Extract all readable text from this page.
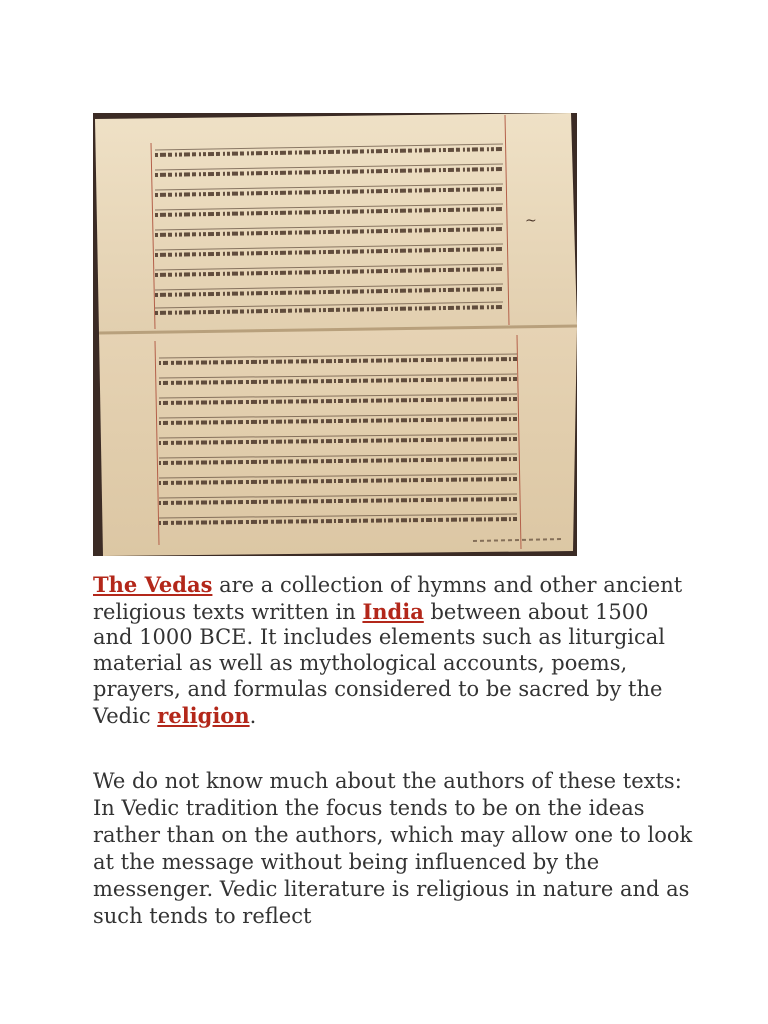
~

The Vedas are a collection of hymns and other ancient religious texts written in India between about 1500 and 1000 BCE. It includes elements such as liturgical material as well as mythological accounts, poems, prayers, and formulas considered to be sacred by the Vedic religion.

We do not know much about the authors of these texts: In Vedic tradition the focus tends to be on the ideas rather than on the authors, which may allow one to look at the message without being influenced by the messenger. Vedic literature is religious in nature and as such tends to reflect
